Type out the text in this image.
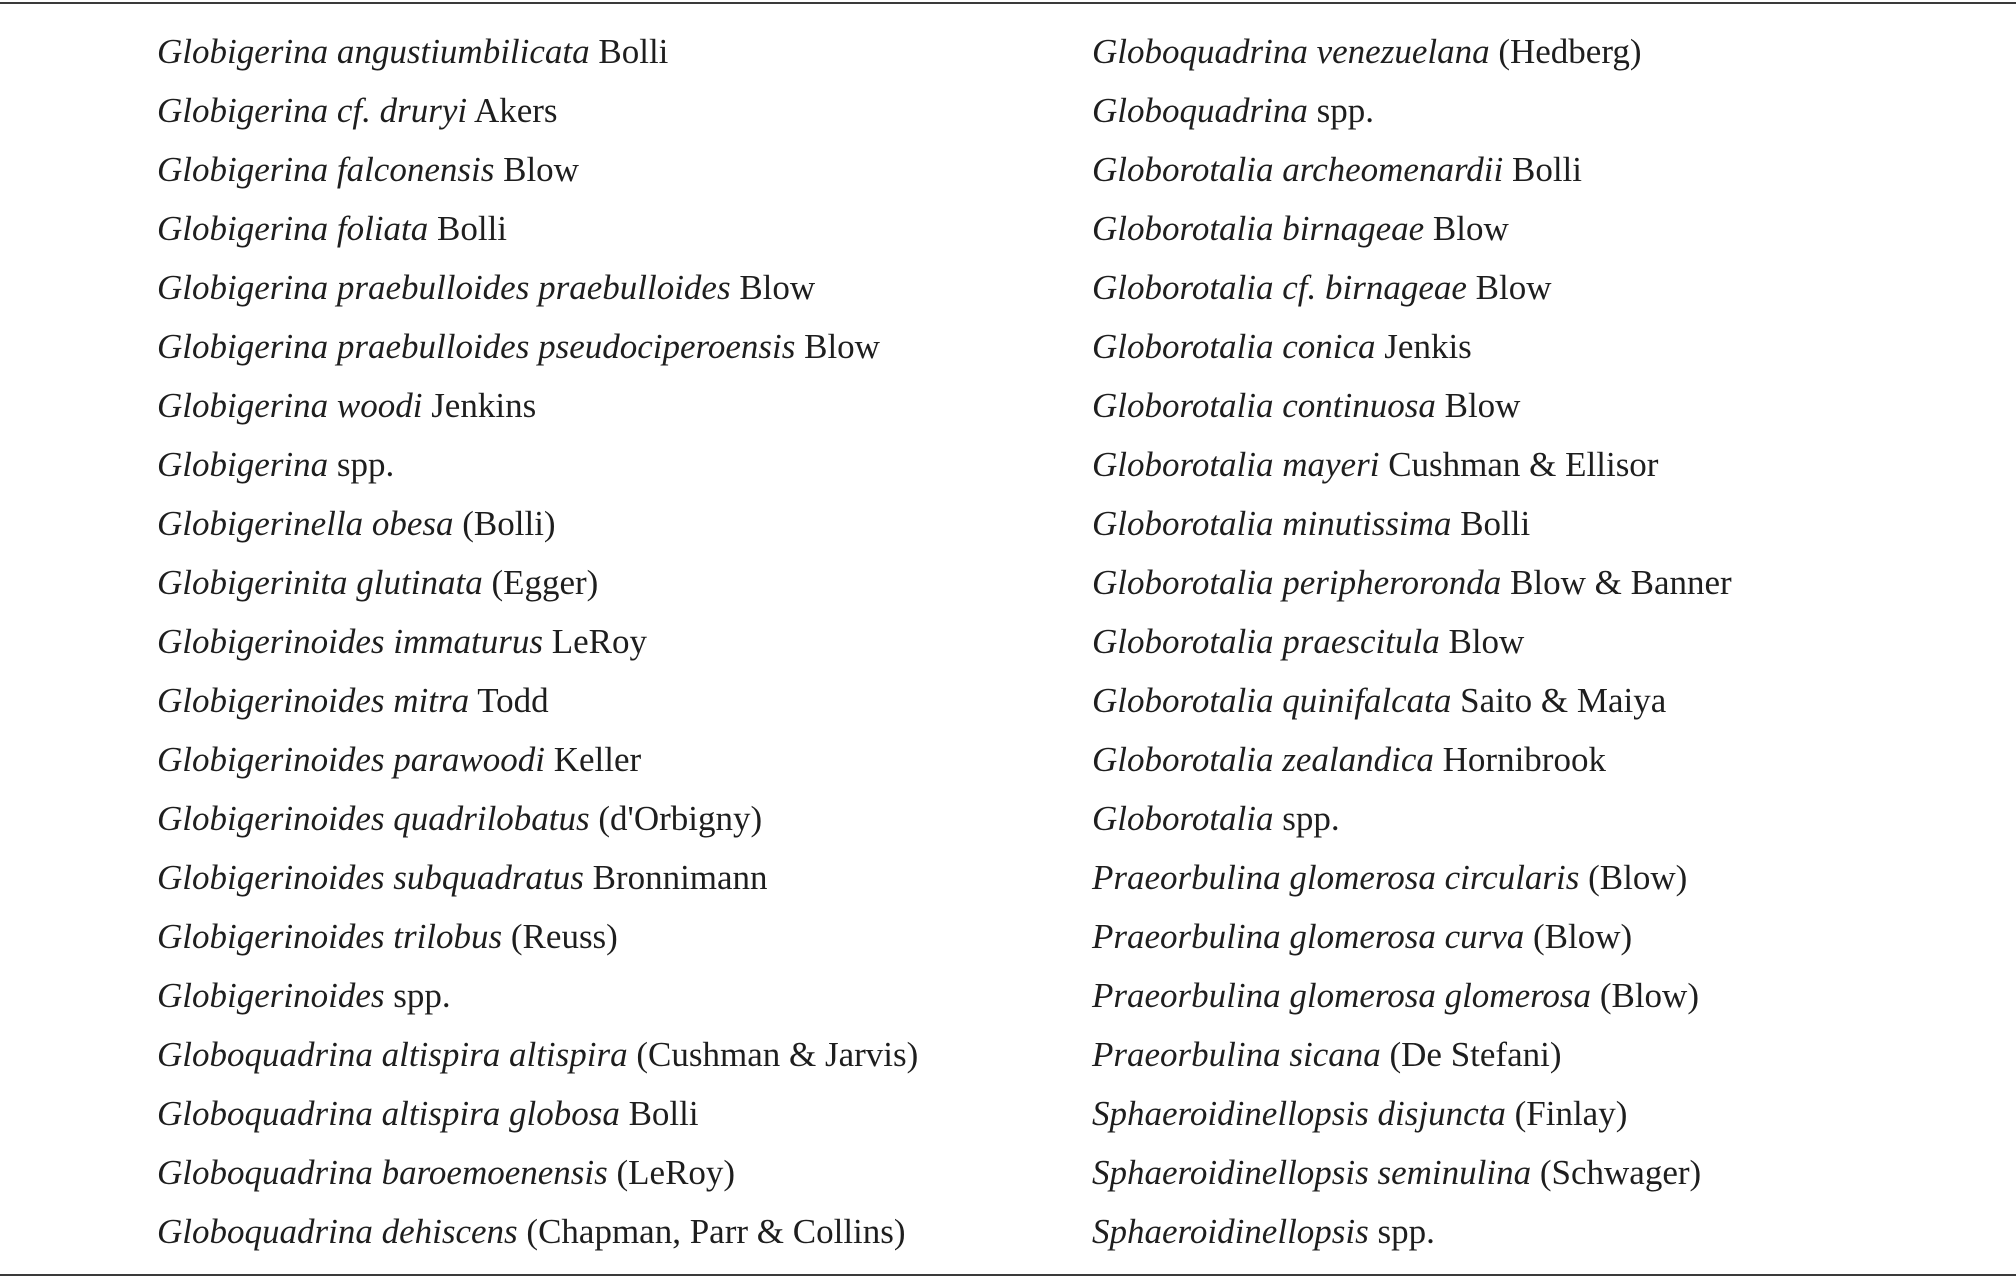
Globigerina angustiumbilicata Bolli
Globigerina cf. druryi Akers
Globigerina falconensis Blow
Globigerina foliata Bolli
Globigerina praebulloides praebulloides Blow
Globigerina praebulloides pseudociperoensis Blow
Globigerina woodi Jenkins
Globigerina spp.
Globigerinella obesa (Bolli)
Globigerinita glutinata (Egger)
Globigerinoides immaturus LeRoy
Globigerinoides mitra Todd
Globigerinoides parawoodi Keller
Globigerinoides quadrilobatus (d'Orbigny)
Globigerinoides subquadratus Bronnimann
Globigerinoides trilobus (Reuss)
Globigerinoides spp.
Globoquadrina altispira altispira (Cushman & Jarvis)
Globoquadrina altispira globosa Bolli
Globoquadrina baroemoenensis (LeRoy)
Globoquadrina dehiscens (Chapman, Parr & Collins)
Globoquadrina venezuelana (Hedberg)
Globoquadrina spp.
Globorotalia archeomenardii Bolli
Globorotalia birnageae Blow
Globorotalia cf. birnageae Blow
Globorotalia conica Jenkis
Globorotalia continuosa Blow
Globorotalia mayeri Cushman & Ellisor
Globorotalia minutissima Bolli
Globorotalia peripheroronda Blow & Banner
Globorotalia praescitula Blow
Globorotalia quinifalcata Saito & Maiya
Globorotalia zealandica Hornibrook
Globorotalia spp.
Praeorbulina glomerosa circularis (Blow)
Praeorbulina glomerosa curva (Blow)
Praeorbulina glomerosa glomerosa (Blow)
Praeorbulina sicana (De Stefani)
Sphaeroidinellopsis disjuncta (Finlay)
Sphaeroidinellopsis seminulina (Schwager)
Sphaeroidinellopsis spp.
